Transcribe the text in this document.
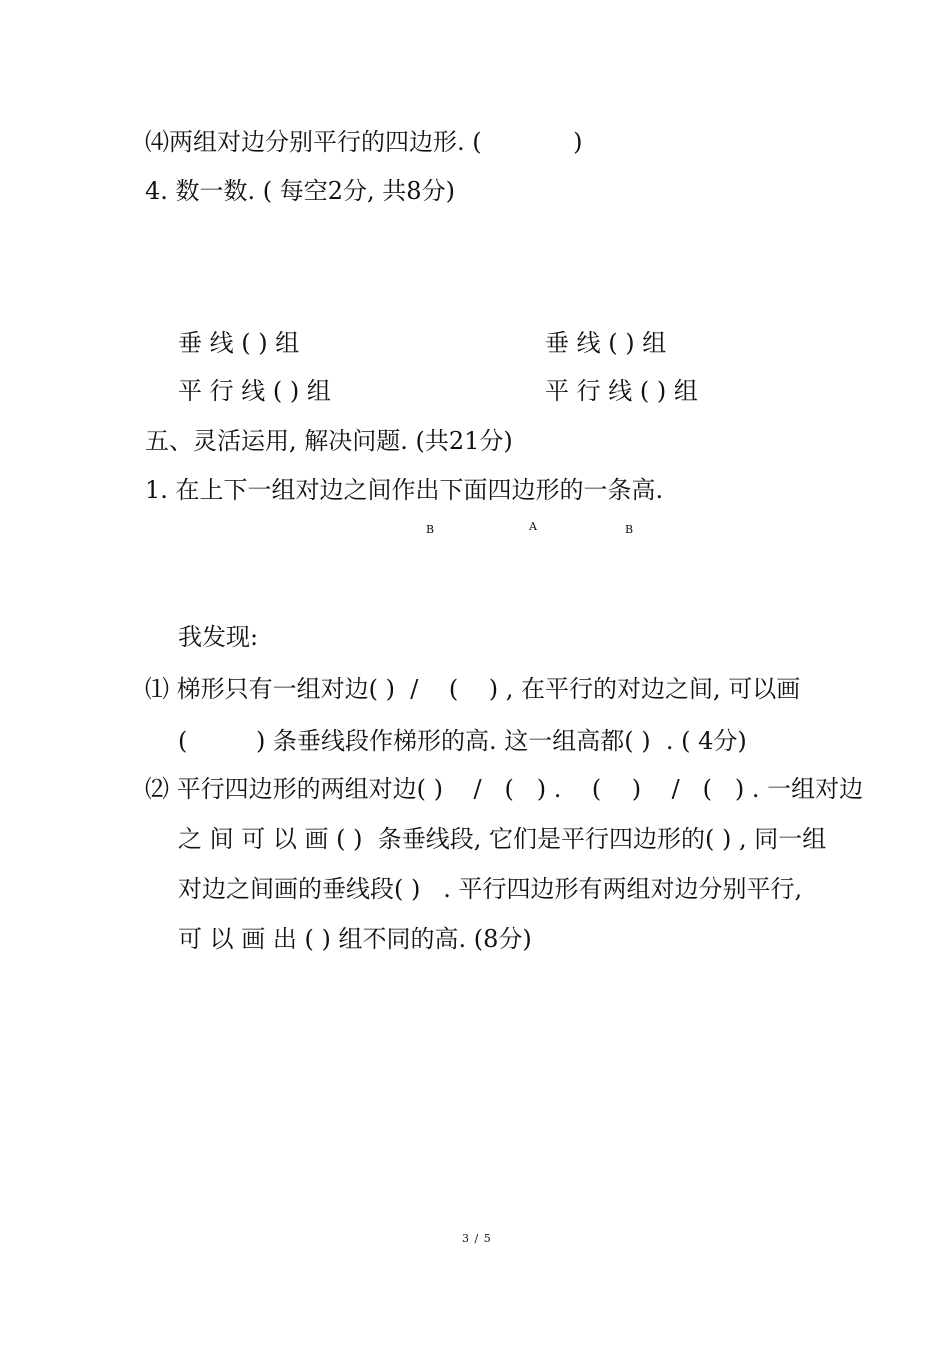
⑷两组对边分别平行的四边形. (            )
4. 数一数. ( 每空2分, 共8分)
垂 线 ( ) 组	垂 线 ( ) 组
平 行 线 ( ) 组	平 行 线 ( ) 组
五、灵活运用, 解决问题. (共21分)
1. 在上下一组对边之间作出下面四边形的一条高.
B	A	B
我发现:
⑴ 梯形只有一组对边( )  /    (    ) , 在平行的对边之间, 可以画
(         ) 条垂线段作梯形的高. 这一组高都( )  . ( 4分)
⑵ 平行四边形的两组对边( )    /   (   ) .    (    )    /   (   ) . 一组对边
之 间 可 以 画 ( )  条垂线段, 它们是平行四边形的( ) , 同一组
对边之间画的垂线段( )   . 平行四边形有两组对边分别平行,
可 以 画 出 ( ) 组不同的高. (8分)
3 / 5
